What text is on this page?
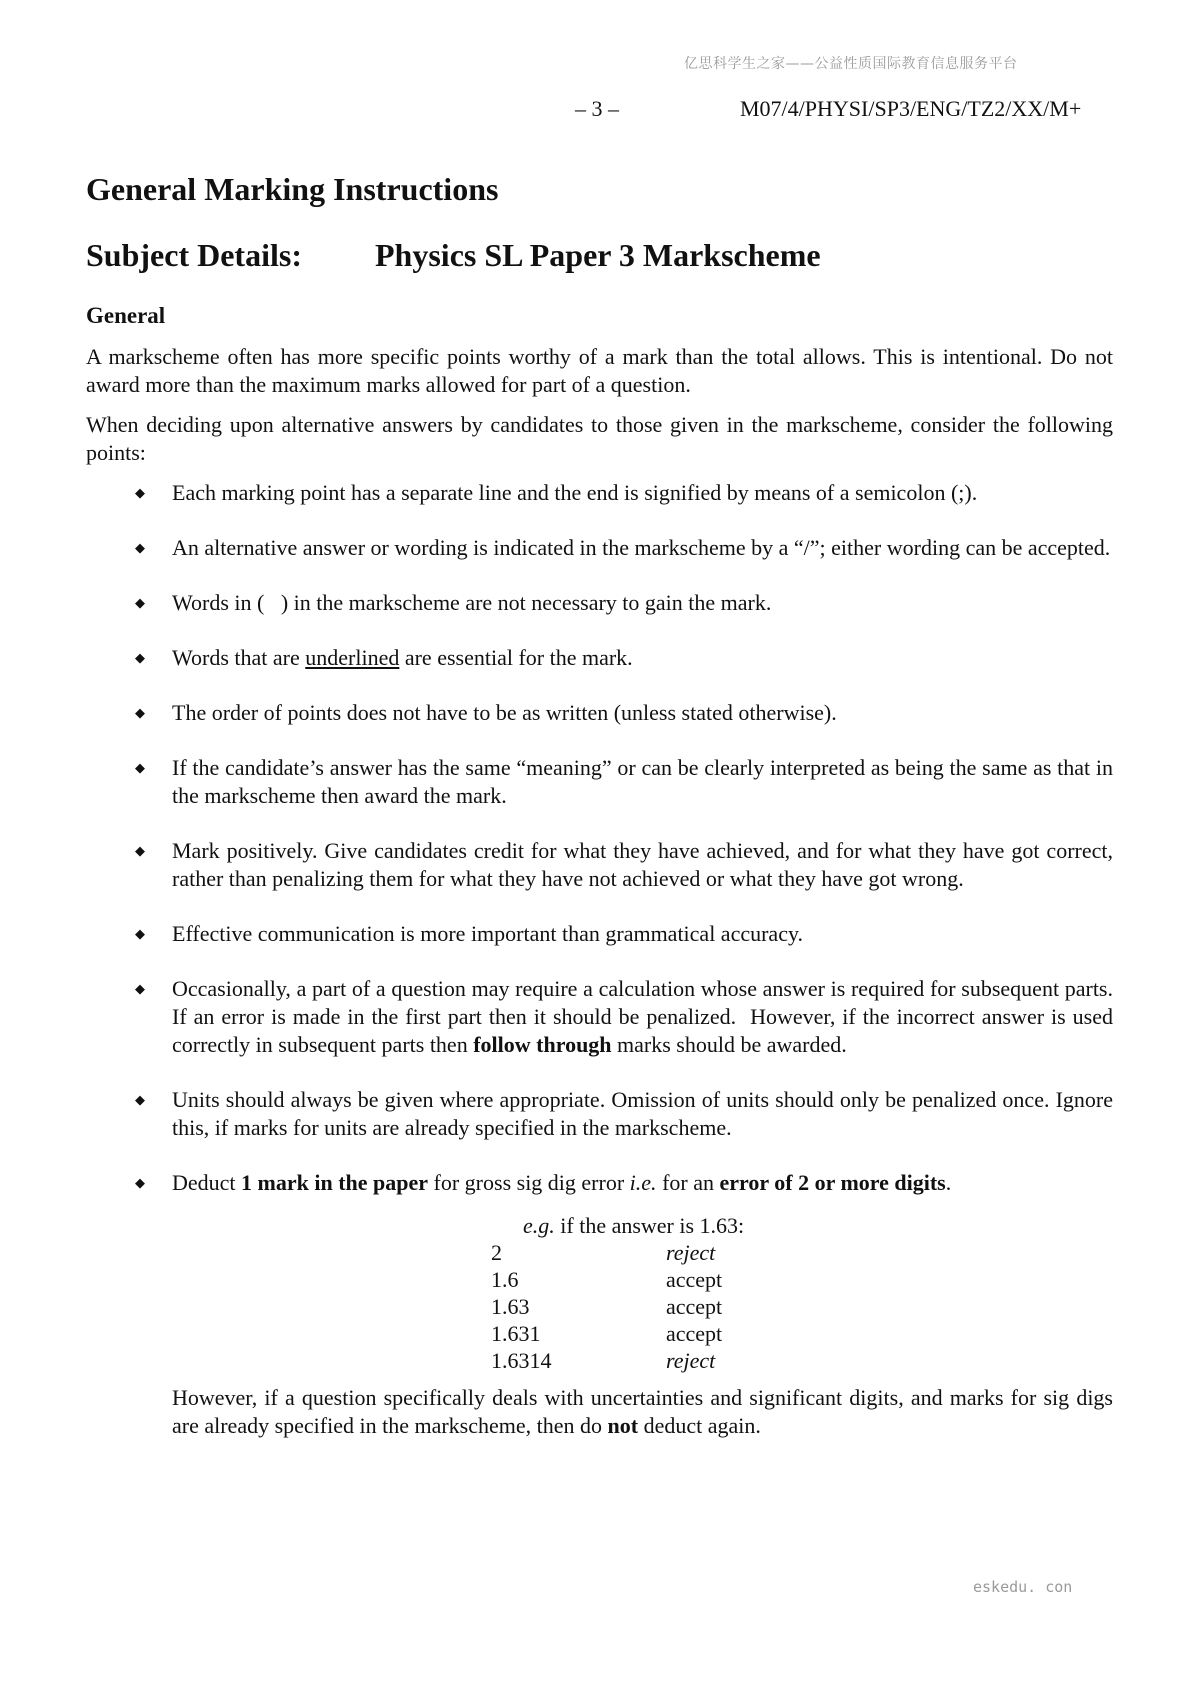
亿思科学生之家——公益性质国际教育信息服务平台
– 3 –	M07/4/PHYSI/SP3/ENG/TZ2/XX/M+
General Marking Instructions
Subject Details:	Physics SL Paper 3 Markscheme
General

A markscheme often has more specific points worthy of a mark than the total allows. This is intentional. Do not award more than the maximum marks allowed for part of a question.

When deciding upon alternative answers by candidates to those given in the markscheme, consider the following points:

◆ Each marking point has a separate line and the end is signified by means of a semicolon (;).
◆ An alternative answer or wording is indicated in the markscheme by a “/”; either wording can be accepted.
◆ Words in (   ) in the markscheme are not necessary to gain the mark.
◆ Words that are underlined are essential for the mark.
◆ The order of points does not have to be as written (unless stated otherwise).
◆ If the candidate’s answer has the same “meaning” or can be clearly interpreted as being the same as that in the markscheme then award the mark.
◆ Mark positively. Give candidates credit for what they have achieved, and for what they have got correct, rather than penalizing them for what they have not achieved or what they have got wrong.
◆ Effective communication is more important than grammatical accuracy.
◆ Occasionally, a part of a question may require a calculation whose answer is required for subsequent parts.  If an error is made in the first part then it should be penalized.  However, if the incorrect answer is used correctly in subsequent parts then follow through marks should be awarded.
◆ Units should always be given where appropriate. Omission of units should only be penalized once. Ignore this, if marks for units are already specified in the markscheme.
◆ Deduct 1 mark in the paper for gross sig dig error i.e. for an error of 2 or more digits.
e.g. if the answer is 1.63:
2	reject
1.6	accept
1.63	accept
1.631	accept
1.6314	reject

However, if a question specifically deals with uncertainties and significant digits, and marks for sig digs are already specified in the markscheme, then do not deduct again.

eskedu. con
